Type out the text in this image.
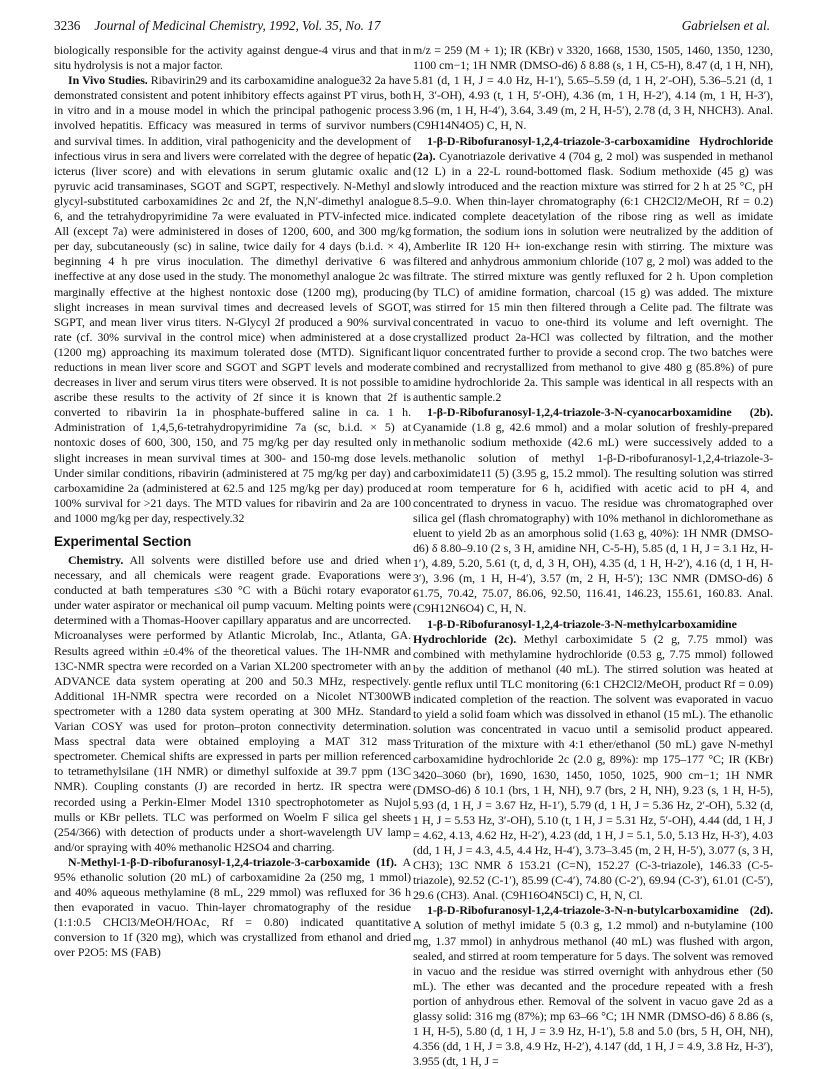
3236 Journal of Medicinal Chemistry, 1992, Vol. 35, No. 17	Gabrielsen et al.

biologically responsible for the activity against dengue-4 virus and that in situ hydrolysis is not a major factor.

In Vivo Studies. Ribavirin29 and its carboxamidine analogue32 2a have demonstrated consistent and potent inhibitory effects against PT virus, both in vitro and in a mouse model in which the principal pathogenic process involved hepatitis. Efficacy was measured in terms of survivor numbers and survival times. In addition, viral pathogenicity and the development of infectious virus in sera and livers were correlated with the degree of hepatic icterus (liver score) and with elevations in serum glutamic oxalic and pyruvic acid transaminases, SGOT and SGPT, respectively. N-Methyl and glycyl-substituted carboxamidines 2c and 2f, the N,N′-dimethyl analogue 6, and the tetrahydropyrimidine 7a were evaluated in PTV-infected mice. All (except 7a) were administered in doses of 1200, 600, and 300 mg/kg per day, subcutaneously (sc) in saline, twice daily for 4 days (b.i.d. × 4), beginning 4 h pre virus inoculation. The dimethyl derivative 6 was ineffective at any dose used in the study. The monomethyl analogue 2c was marginally effective at the highest nontoxic dose (1200 mg), producing slight increases in mean survival times and decreased levels of SGOT, SGPT, and mean liver virus titers. N-Glycyl 2f produced a 90% survival rate (cf. 30% survival in the control mice) when administered at a dose (1200 mg) approaching its maximum tolerated dose (MTD). Significant reductions in mean liver score and SGOT and SGPT levels and moderate decreases in liver and serum virus titers were observed. It is not possible to ascribe these results to the activity of 2f since it is known that 2f is converted to ribavirin 1a in phosphate-buffered saline in ca. 1 h. Administration of 1,4,5,6-tetrahydropyrimidine 7a (sc, b.i.d. × 5) at nontoxic doses of 600, 300, 150, and 75 mg/kg per day resulted only in slight increases in mean survival times at 300- and 150-mg dose levels. Under similar conditions, ribavirin (administered at 75 mg/kg per day) and carboxamidine 2a (administered at 62.5 and 125 mg/kg per day) produced 100% survival for >21 days. The MTD values for ribavirin and 2a are 100 and 1000 mg/kg per day, respectively.32

Experimental Section

Chemistry. All solvents were distilled before use and dried when necessary, and all chemicals were reagent grade. Evaporations were conducted at bath temperatures ≤30 °C with a Büchi rotary evaporator under water aspirator or mechanical oil pump vacuum. Melting points were determined with a Thomas-Hoover capillary apparatus and are uncorrected. Microanalyses were performed by Atlantic Microlab, Inc., Atlanta, GA. Results agreed within ±0.4% of the theoretical values. The 1H-NMR and 13C-NMR spectra were recorded on a Varian XL200 spectrometer with an ADVANCE data system operating at 200 and 50.3 MHz, respectively. Additional 1H-NMR spectra were recorded on a Nicolet NT300WB spectrometer with a 1280 data system operating at 300 MHz. Standard Varian COSY was used for proton–proton connectivity determination. Mass spectral data were obtained employing a MAT 312 mass spectrometer. Chemical shifts are expressed in parts per million referenced to tetramethylsilane (1H NMR) or dimethyl sulfoxide at 39.7 ppm (13C NMR). Coupling constants (J) are recorded in hertz. IR spectra were recorded using a Perkin-Elmer Model 1310 spectrophotometer as Nujol mulls or KBr pellets. TLC was performed on Woelm F silica gel sheets (254/366) with detection of products under a short-wavelength UV lamp and/or spraying with 40% methanolic H2SO4 and charring.

N-Methyl-1-β-D-ribofuranosyl-1,2,4-triazole-3-carboxamide (1f). A 95% ethanolic solution (20 mL) of carboxamidine 2a (250 mg, 1 mmol) and 40% aqueous methylamine (8 mL, 229 mmol) was refluxed for 36 h then evaporated in vacuo. Thin-layer chromatography of the residue (1:1:0.5 CHCl3/MeOH/HOAc, Rf = 0.80) indicated quantitative conversion to 1f (320 mg), which was crystallized from ethanol and dried over P2O5: MS (FAB)

m/z = 259 (M + 1); IR (KBr) ν 3320, 1668, 1530, 1505, 1460, 1350, 1230, 1100 cm−1; 1H NMR (DMSO-d6) δ 8.88 (s, 1 H, C5-H), 8.47 (d, 1 H, NH), 5.81 (d, 1 H, J = 4.0 Hz, H-1′), 5.65–5.59 (d, 1 H, 2′-OH), 5.36–5.21 (d, 1 H, 3′-OH), 4.93 (t, 1 H, 5′-OH), 4.36 (m, 1 H, H-2′), 4.14 (m, 1 H, H-3′), 3.96 (m, 1 H, H-4′), 3.64, 3.49 (m, 2 H, H-5′), 2.78 (d, 3 H, NHCH3). Anal. (C9H14N4O5) C, H, N.

1-β-D-Ribofuranosyl-1,2,4-triazole-3-carboxamidine Hydrochloride (2a). Cyanotriazole derivative 4 (704 g, 2 mol) was suspended in methanol (12 L) in a 22-L round-bottomed flask. Sodium methoxide (45 g) was slowly introduced and the reaction mixture was stirred for 2 h at 25 °C, pH 8.5–9.0. When thin-layer chromatography (6:1 CH2Cl2/MeOH, Rf = 0.2) indicated complete deacetylation of the ribose ring as well as imidate formation, the sodium ions in solution were neutralized by the addition of Amberlite IR 120 H+ ion-exchange resin with stirring. The mixture was filtered and anhydrous ammonium chloride (107 g, 2 mol) was added to the filtrate. The stirred mixture was gently refluxed for 2 h. Upon completion (by TLC) of amidine formation, charcoal (15 g) was added. The mixture was stirred for 15 min then filtered through a Celite pad. The filtrate was concentrated in vacuo to one-third its volume and left overnight. The crystallized product 2a-HCl was collected by filtration, and the mother liquor concentrated further to provide a second crop. The two batches were combined and recrystallized from methanol to give 480 g (85.8%) of pure amidine hydrochloride 2a. This sample was identical in all respects with an authentic sample.2

1-β-D-Ribofuranosyl-1,2,4-triazole-3-N-cyanocarboxamidine (2b). Cyanamide (1.8 g, 42.6 mmol) and a molar solution of freshly-prepared methanolic sodium methoxide (42.6 mL) were successively added to a methanolic solution of methyl 1-β-D-ribofuranosyl-1,2,4-triazole-3-carboximidate11 (5) (3.95 g, 15.2 mmol). The resulting solution was stirred at room temperature for 6 h, acidified with acetic acid to pH 4, and concentrated to dryness in vacuo. The residue was chromatographed over silica gel (flash chromatography) with 10% methanol in dichloromethane as eluent to yield 2b as an amorphous solid (1.63 g, 40%): 1H NMR (DMSO-d6) δ 8.80–9.10 (2 s, 3 H, amidine NH, C-5-H), 5.85 (d, 1 H, J = 3.1 Hz, H-1′), 4.89, 5.20, 5.61 (t, d, d, 3 H, OH), 4.35 (d, 1 H, H-2′), 4.16 (d, 1 H, H-3′), 3.96 (m, 1 H, H-4′), 3.57 (m, 2 H, H-5′); 13C NMR (DMSO-d6) δ 61.75, 70.42, 75.07, 86.06, 92.50, 116.41, 146.23, 155.61, 160.83. Anal. (C9H12N6O4) C, H, N.

1-β-D-Ribofuranosyl-1,2,4-triazole-3-N-methylcarboxamidine Hydrochloride (2c). Methyl carboximidate 5 (2 g, 7.75 mmol) was combined with methylamine hydrochloride (0.53 g, 7.75 mmol) followed by the addition of methanol (40 mL). The stirred solution was heated at gentle reflux until TLC monitoring (6:1 CH2Cl2/MeOH, product Rf = 0.09) indicated completion of the reaction. The solvent was evaporated in vacuo to yield a solid foam which was dissolved in ethanol (15 mL). The ethanolic solution was concentrated in vacuo until a semisolid product appeared. Trituration of the mixture with 4:1 ether/ethanol (50 mL) gave N-methyl carboxamidine hydrochloride 2c (2.0 g, 89%): mp 175–177 °C; IR (KBr) 3420–3060 (br), 1690, 1630, 1450, 1050, 1025, 900 cm−1; 1H NMR (DMSO-d6) δ 10.1 (brs, 1 H, NH), 9.7 (brs, 2 H, NH), 9.23 (s, 1 H, H-5), 5.93 (d, 1 H, J = 3.67 Hz, H-1′), 5.79 (d, 1 H, J = 5.36 Hz, 2′-OH), 5.32 (d, 1 H, J = 5.53 Hz, 3′-OH), 5.10 (t, 1 H, J = 5.31 Hz, 5′-OH), 4.44 (dd, 1 H, J = 4.62, 4.13, 4.62 Hz, H-2′), 4.23 (dd, 1 H, J = 5.1, 5.0, 5.13 Hz, H-3′), 4.03 (dd, 1 H, J = 4.3, 4.5, 4.4 Hz, H-4′), 3.73–3.45 (m, 2 H, H-5′), 3.077 (s, 3 H, CH3); 13C NMR δ 153.21 (C=N), 152.27 (C-3-triazole), 146.33 (C-5-triazole), 92.52 (C-1′), 85.99 (C-4′), 74.80 (C-2′), 69.94 (C-3′), 61.01 (C-5′), 29.6 (CH3). Anal. (C9H16O4N5Cl) C, H, N, Cl.

1-β-D-Ribofuranosyl-1,2,4-triazole-3-N-n-butylcarboxamidine (2d). A solution of methyl imidate 5 (0.3 g, 1.2 mmol) and n-butylamine (100 mg, 1.37 mmol) in anhydrous methanol (40 mL) was flushed with argon, sealed, and stirred at room temperature for 5 days. The solvent was removed in vacuo and the residue was stirred overnight with anhydrous ether (50 mL). The ether was decanted and the procedure repeated with a fresh portion of anhydrous ether. Removal of the solvent in vacuo gave 2d as a glassy solid: 316 mg (87%); mp 63–66 °C; 1H NMR (DMSO-d6) δ 8.86 (s, 1 H, H-5), 5.80 (d, 1 H, J = 3.9 Hz, H-1′), 5.8 and 5.0 (brs, 5 H, OH, NH), 4.356 (dd, 1 H, J = 3.8, 4.9 Hz, H-2′), 4.147 (dd, 1 H, J = 4.9, 3.8 Hz, H-3′), 3.955 (dt, 1 H, J =
